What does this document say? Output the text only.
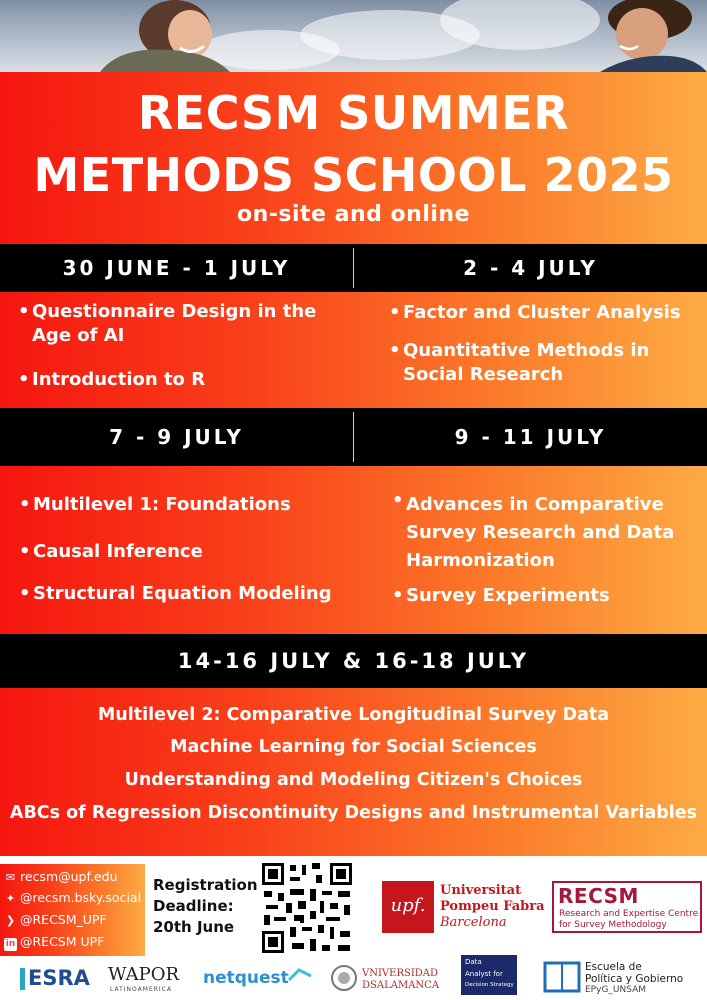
RECSM SUMMER
METHODS SCHOOL 2025
on-site and online
30 JUNE - 1 JULY	2 - 4 JULY
• Questionnaire Design in the
Age of AI
• Introduction to R
• Factor and Cluster Analysis
• Quantitative Methods in
Social Research
7 - 9 JULY	9 - 11 JULY
• Multilevel 1: Foundations
• Causal Inference
• Structural Equation Modeling
• Advances in Comparative
Survey Research and Data
Harmonization
• Survey Experiments
14-16 JULY & 16-18 JULY
Multilevel 2: Comparative Longitudinal Survey Data
Machine Learning for Social Sciences
Understanding and Modeling Citizen's Choices
ABCs of Regression Discontinuity Designs and Instrumental Variables
✉ recsm@upf.edu
✦ @recsm.bsky.social
❯ @RECSM_UPF
in @RECSM UPF
Registration
Deadline:
20th June
upf.
Universitat
Pompeu Fabra
Barcelona
RECSM
Research and Expertise Centre
for Survey Methodology
ESRA WAPOR
LATINOAMERICA
netquest	VNIVERSIDAD
DSALAMANCA
Data
Analyst for
Decision Strategy
Escuela de
Política y Gobierno
EPyG_UNSAM
